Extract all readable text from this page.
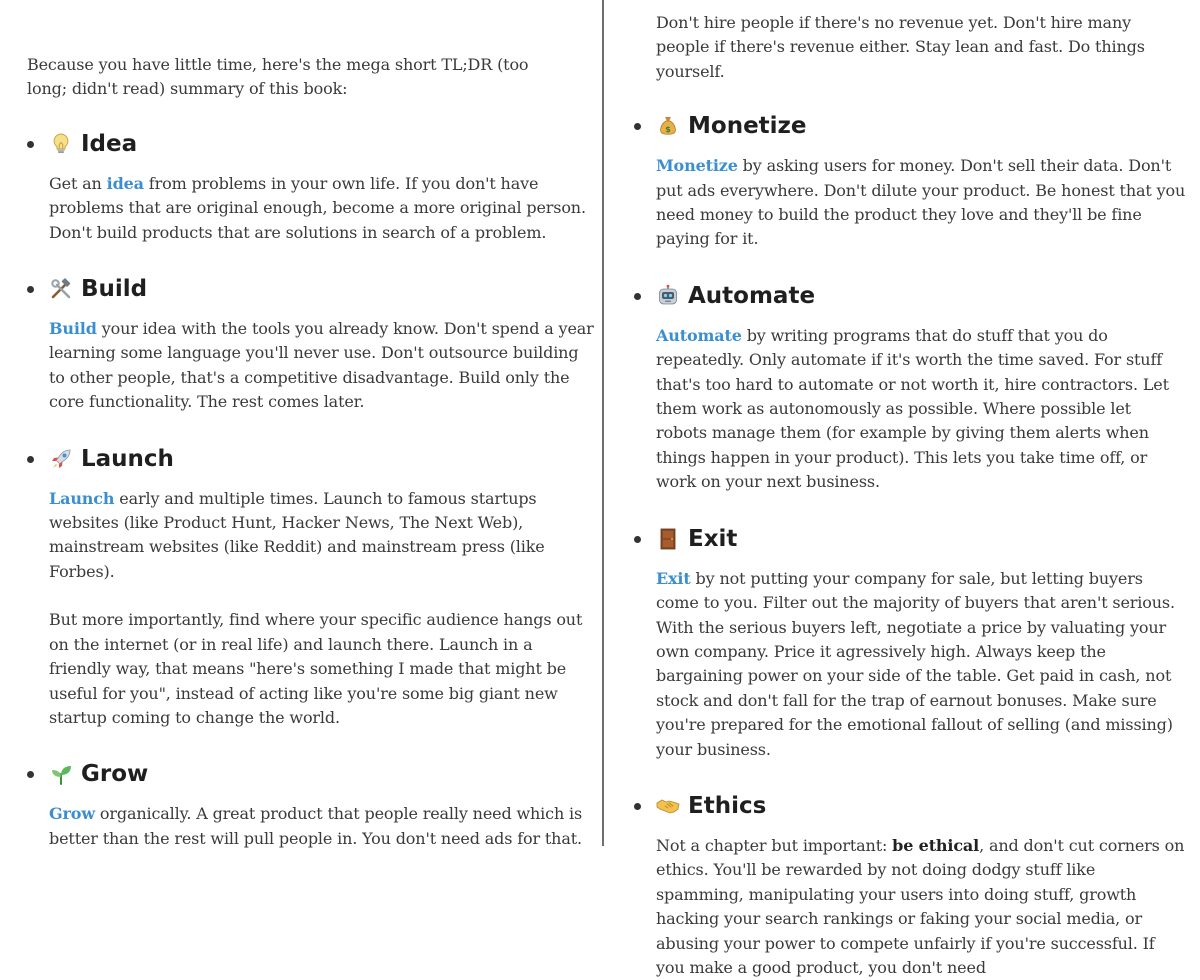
Because you have little time, here's the mega short TL;DR (too long; didn't read) summary of this book:

Idea

Get an idea from problems in your own life. If you don't have problems that are original enough, become a more original person. Don't build products that are solutions in search of a problem.

Build

Build your idea with the tools you already know. Don't spend a year learning some language you'll never use. Don't outsource building to other people, that's a competitive disadvantage. Build only the core functionality. The rest comes later.

Launch

Launch early and multiple times. Launch to famous startups websites (like Product Hunt, Hacker News, The Next Web), mainstream websites (like Reddit) and mainstream press (like Forbes).

But more importantly, find where your specific audience hangs out on the internet (or in real life) and launch there. Launch in a friendly way, that means "here's something I made that might be useful for you", instead of acting like you're some big giant new startup coming to change the world.

Grow

Grow organically. A great product that people really need which is better than the rest will pull people in. You don't need ads for that.

Don't hire people if there's no revenue yet. Don't hire many people if there's revenue either. Stay lean and fast. Do things yourself.

$ Monetize

Monetize by asking users for money. Don't sell their data. Don't put ads everywhere. Don't dilute your product. Be honest that you need money to build the product they love and they'll be fine paying for it.

Automate

Automate by writing programs that do stuff that you do repeatedly. Only automate if it's worth the time saved. For stuff that's too hard to automate or not worth it, hire contractors. Let them work as autonomously as possible. Where possible let robots manage them (for example by giving them alerts when things happen in your product). This lets you take time off, or work on your next business.

Exit

Exit by not putting your company for sale, but letting buyers come to you. Filter out the majority of buyers that aren't serious. With the serious buyers left, negotiate a price by valuating your own company. Price it agressively high. Always keep the bargaining power on your side of the table. Get paid in cash, not stock and don't fall for the trap of earnout bonuses. Make sure you're prepared for the emotional fallout of selling (and missing) your business.

Ethics

Not a chapter but important: be ethical, and don't cut corners on ethics. You'll be rewarded by not doing dodgy stuff like spamming, manipulating your users into doing stuff, growth hacking your search rankings or faking your social media, or abusing your power to compete unfairly if you're successful. If you make a good product, you don't need
